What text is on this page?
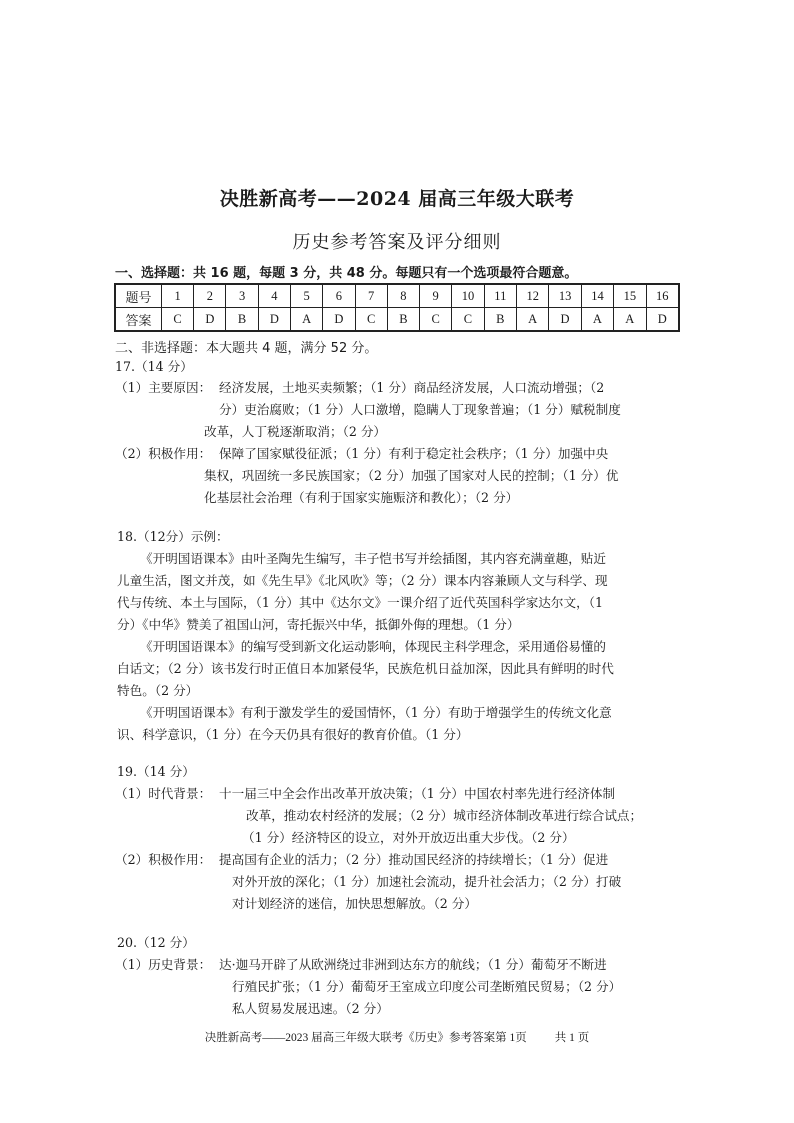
决胜新高考——2024 届高三年级大联考
历史参考答案及评分细则
一、选择题：共 16 题，每题 3 分，共 48 分。每题只有一个选项最符合题意。
题号	1	2	3	4	5	6	7	8	9	10	11	12	13	14	15	16
答案	C	D	B	D	A	D	C	B	C	C	B	A	D	A	A	D
二、非选择题：本大题共 4 题，满分 52 分。
17.（14 分）
（1）主要原因： 经济发展，土地买卖频繁；（1 分）商品经济发展，人口流动增强；（2
分）吏治腐败；（1 分）人口激增，隐瞒人丁现象普遍；（1 分）赋税制度
改革，人丁税逐渐取消；（2 分）
（2）积极作用： 保障了国家赋役征派；（1 分）有利于稳定社会秩序；（1 分）加强中央
集权，巩固统一多民族国家；（2 分）加强了国家对人民的控制；（1 分）优
化基层社会治理（有利于国家实施赈济和教化）；（2 分）
18.（12分）示例：
《开明国语课本》由叶圣陶先生编写，丰子恺书写并绘插图，其内容充满童趣，贴近
儿童生活，图文并茂，如《先生早》《北风吹》等；（2 分）课本内容兼顾人文与科学、现
代与传统、本土与国际，（1 分）其中《达尔文》一课介绍了近代英国科学家达尔文，（1
分）《中华》赞美了祖国山河，寄托振兴中华，抵御外侮的理想。（1 分）
《开明国语课本》的编写受到新文化运动影响，体现民主科学理念，采用通俗易懂的
白话文；（2 分）该书发行时正值日本加紧侵华，民族危机日益加深，因此具有鲜明的时代
特色。（2 分）
《开明国语课本》有利于激发学生的爱国情怀，（1 分）有助于增强学生的传统文化意
识、科学意识，（1 分）在今天仍具有很好的教育价值。（1 分）
19.（14 分）
（1）时代背景： 十一届三中全会作出改革开放决策；（1 分）中国农村率先进行经济体制
改革，推动农村经济的发展；（2 分）城市经济体制改革进行综合试点；
（1 分）经济特区的设立，对外开放迈出重大步伐。（2 分）
（2）积极作用： 提高国有企业的活力；（2 分）推动国民经济的持续增长；（1 分）促进
对外开放的深化；（1 分）加速社会流动，提升社会活力；（2 分）打破
对计划经济的迷信，加快思想解放。（2 分）
20.（12 分）
（1）历史背景： 达·迦马开辟了从欧洲绕过非洲到达东方的航线；（1 分）葡萄牙不断进
行殖民扩张；（1 分）葡萄牙王室成立印度公司垄断殖民贸易；（2 分）
私人贸易发展迅速。（2 分）
决胜新高考——2023 届高三年级大联考《历史》参考答案第 1页 共 1 页
